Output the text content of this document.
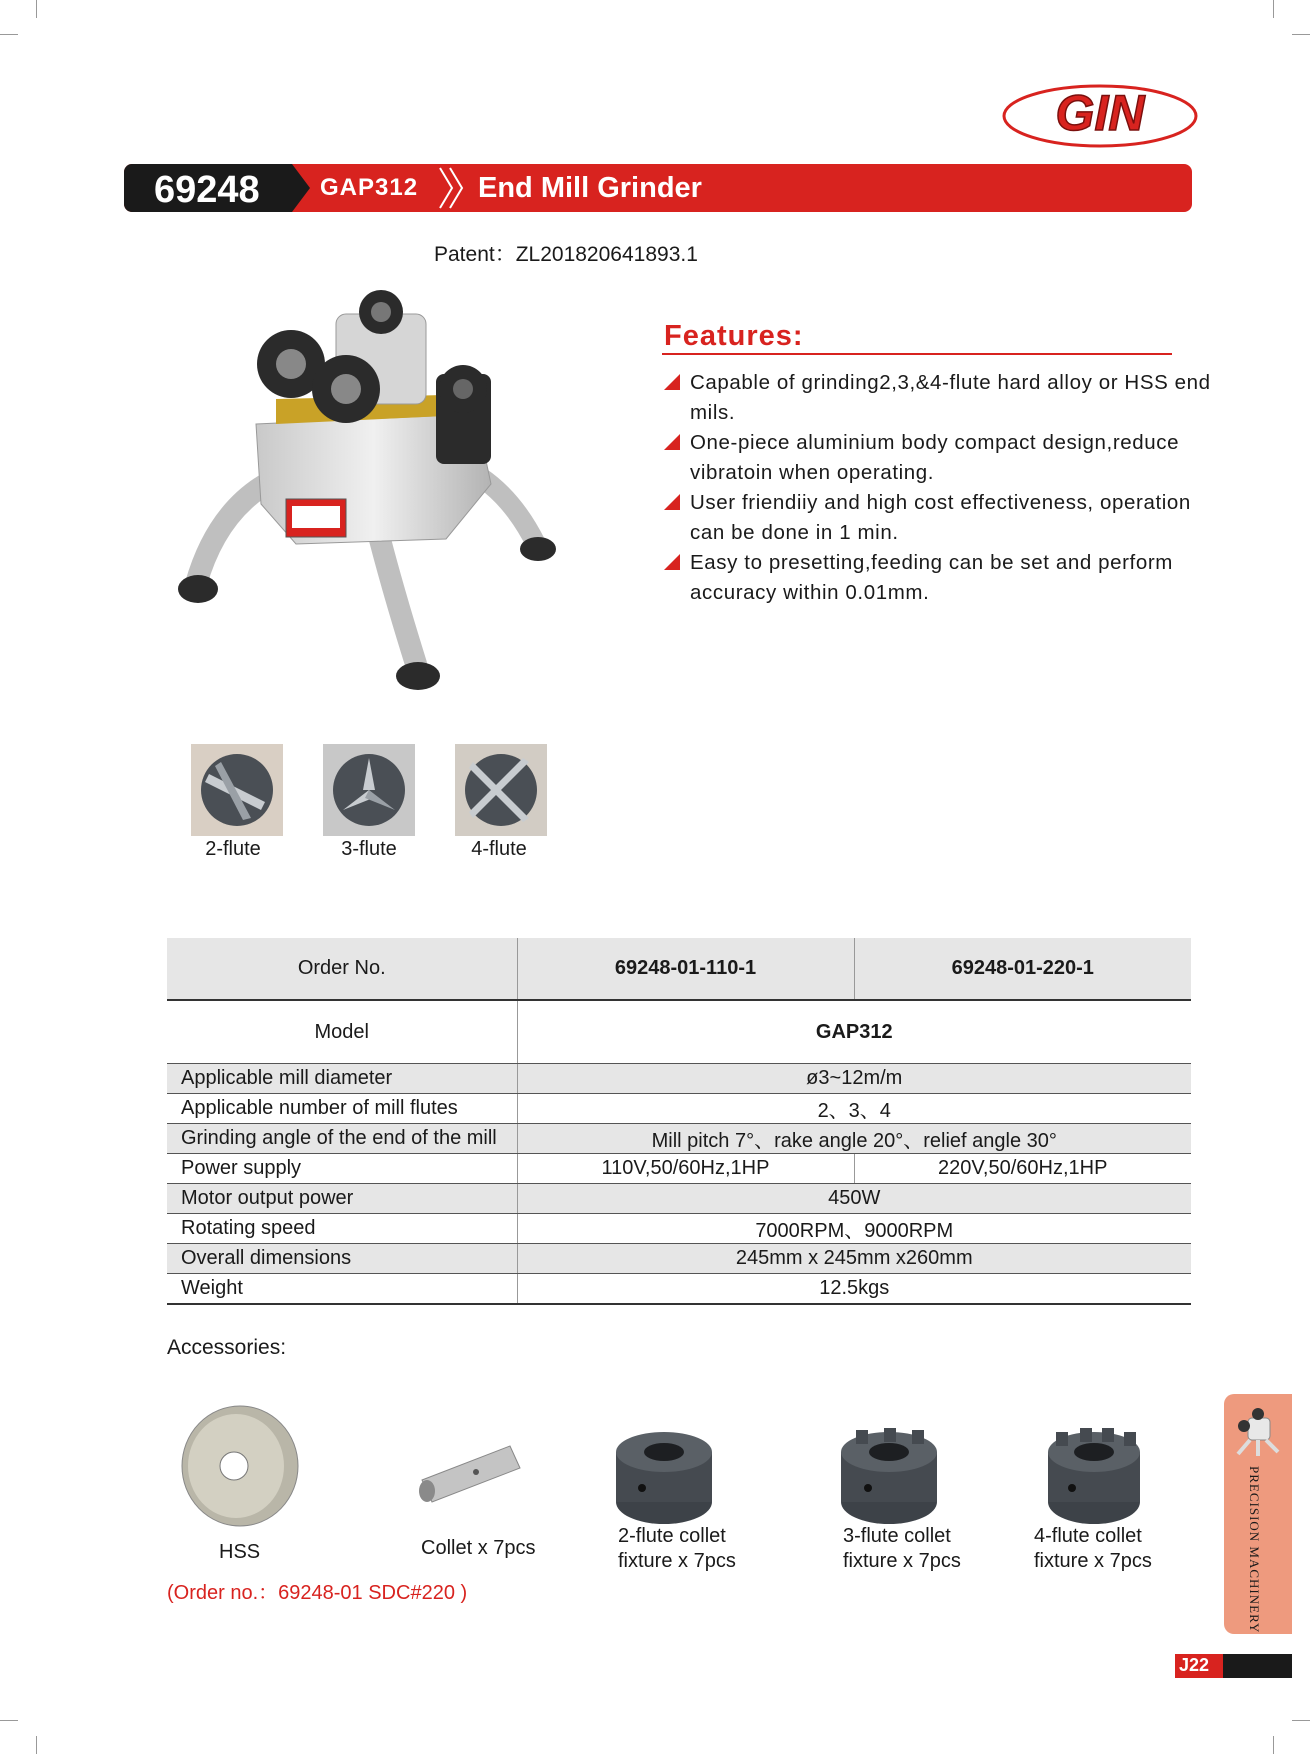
GIN
69248	GAP312 End Mill Grinder
Patent：ZL201820641893.1
Features:
Capable of grinding2,3,&4-flute hard alloy or HSS end mils.
One-piece aluminium body compact design,reduce vibratoin when operating.
User friendiiy and high cost effectiveness, operation can be done in 1 min.
Easy to presetting,feeding can be set and perform accuracy within 0.01mm.
2-flute	3-flute	4-flute
Order No.	69248-01-110-1	69248-01-220-1
Model	GAP312	
Applicable mill diameter	ø3~12m/m	
Applicable number of mill flutes	2、3、4	
Grinding angle of the end of the mill	Mill pitch 7°、rake angle 20°、relief angle 30°	
Power supply	110V,50/60Hz,1HP	220V,50/60Hz,1HP
Motor output power	450W	
Rotating speed	7000RPM、9000RPM	
Overall dimensions	245mm x 245mm x260mm	
Weight	12.5kgs	
Accessories:
HSS	Collet x 7pcs
2-flute collet
fixture x 7pcs
3-flute collet
fixture x 7pcs
4-flute collet
fixture x 7pcs
(Order no.：69248-01 SDC#220 )	PRECISION MACHINERY
J22
